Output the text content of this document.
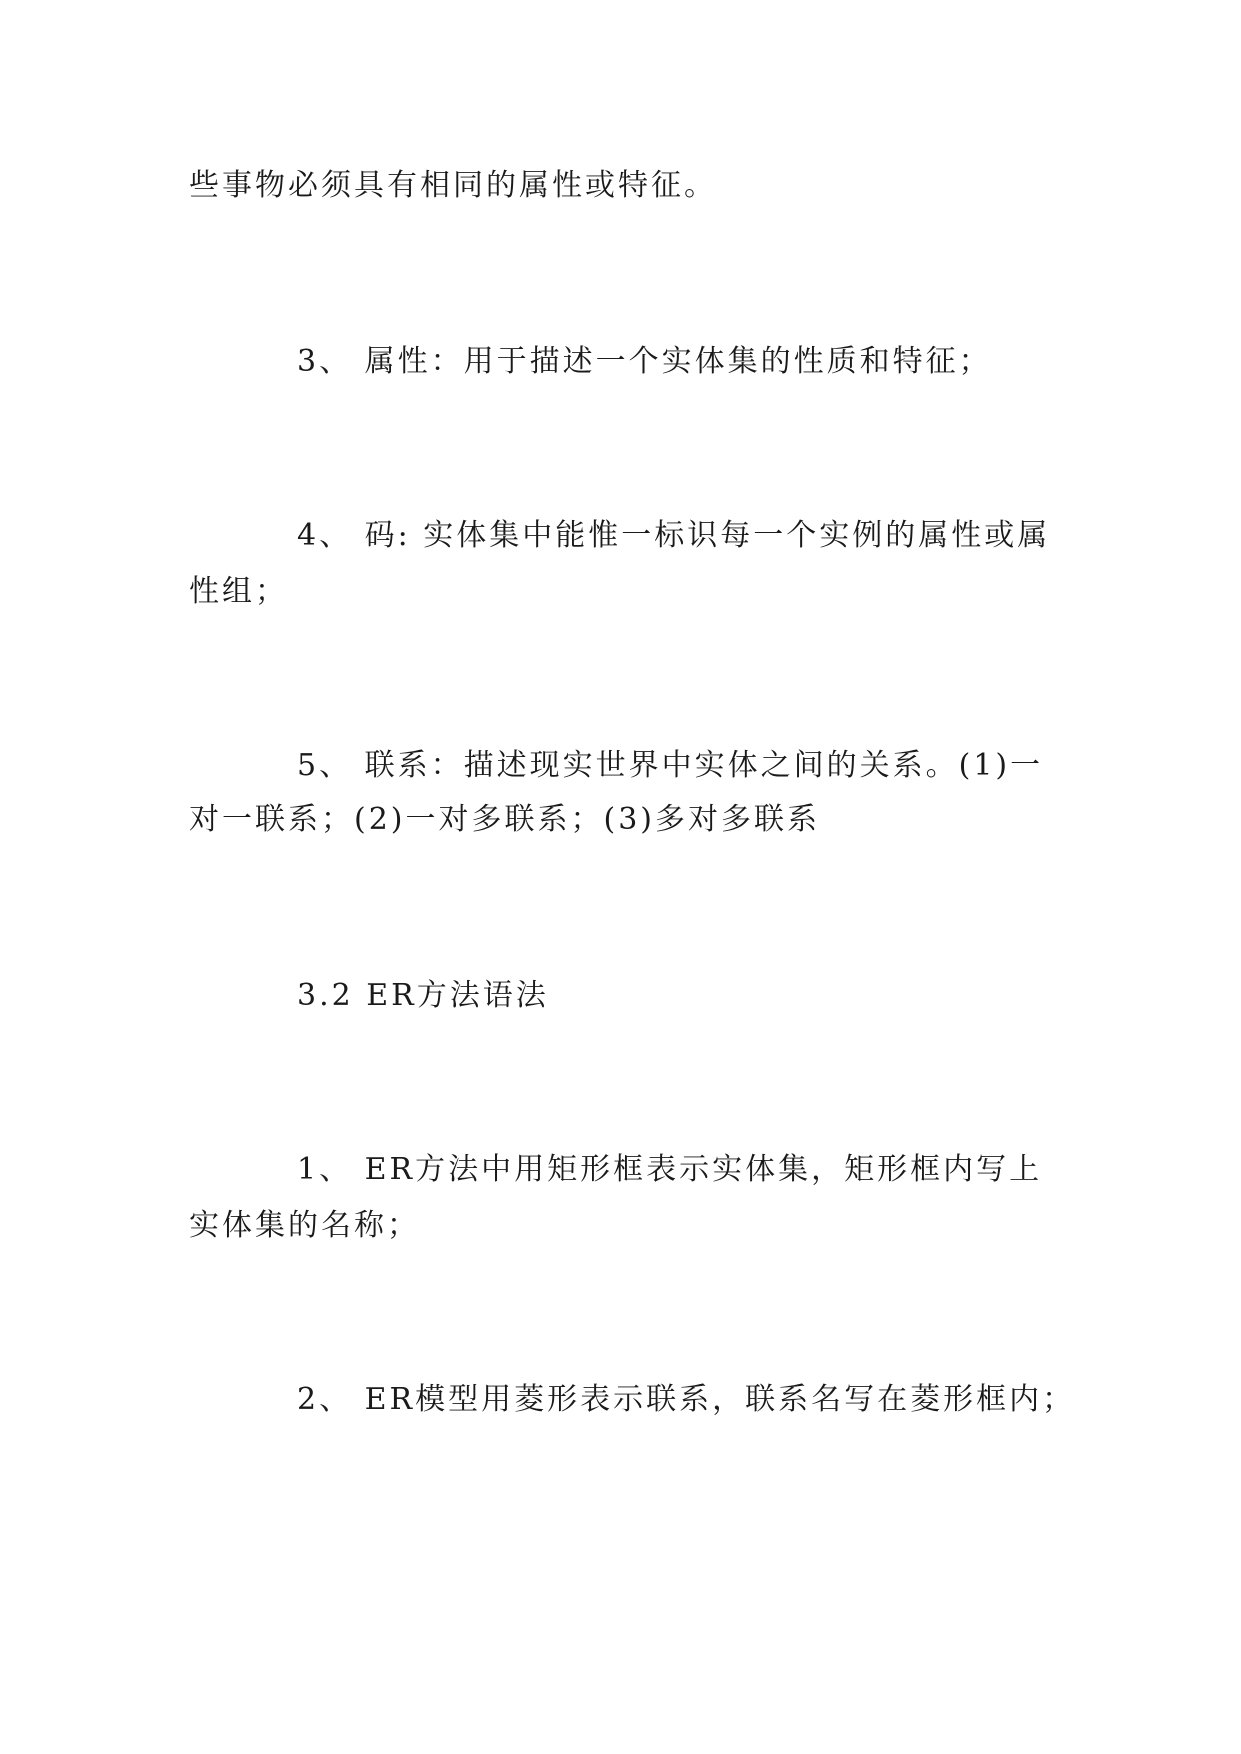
些事物必须具有相同的属性或特征。
3、 属性：用于描述一个实体集的性质和特征；
4、 码: 实体集中能惟一标识每一个实例的属性或属
性组；
5、 联系：描述现实世界中实体之间的关系。(1)一
对一联系；(2)一对多联系；(3)多对多联系
3.2 ER方法语法
1、 ER方法中用矩形框表示实体集，矩形框内写上
实体集的名称；
2、 ER模型用菱形表示联系，联系名写在菱形框内；
